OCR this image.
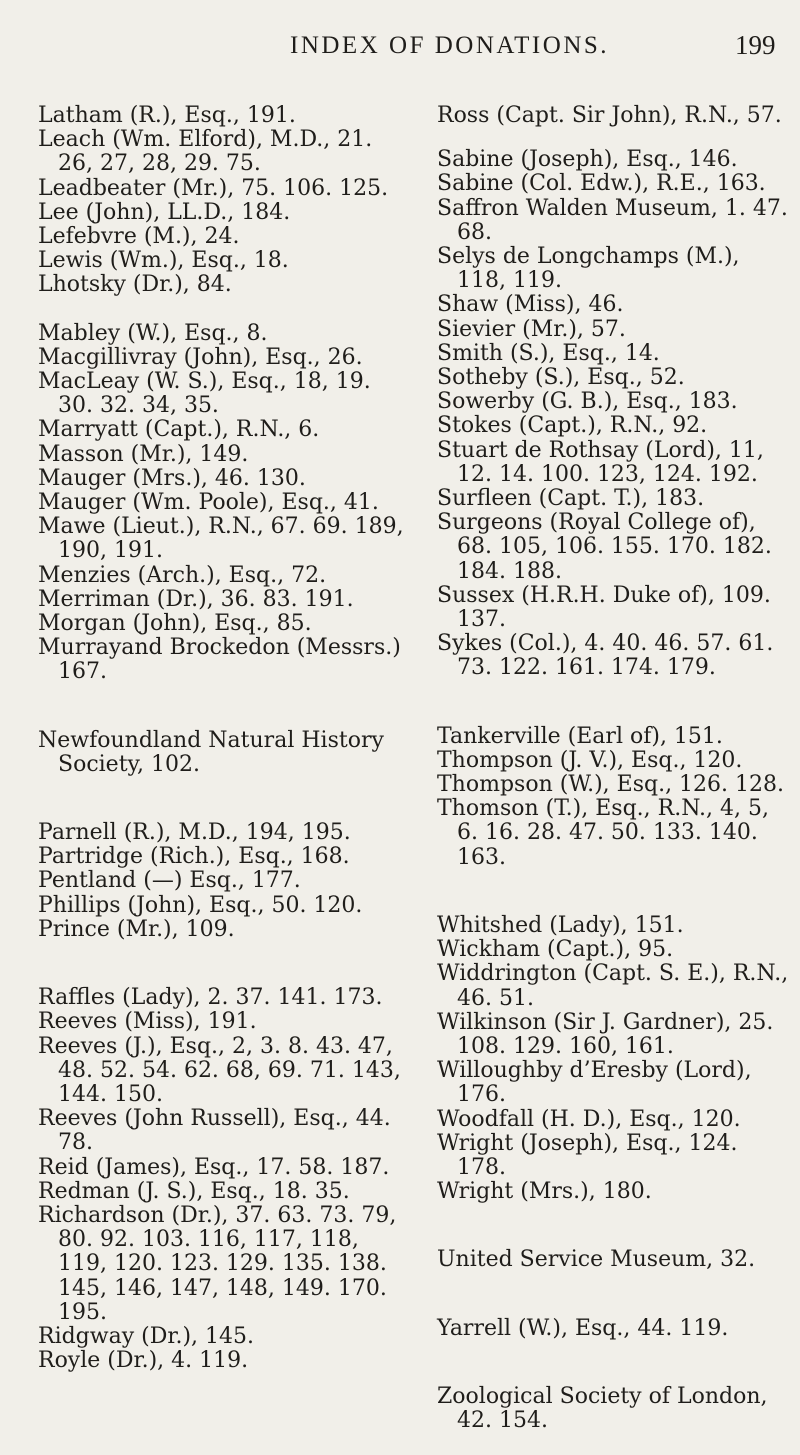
INDEX OF DONATIONS.	199

Latham (R.), Esq., 191.

Leach (Wm. Elford), M.D., 21. 26, 27, 28, 29. 75.

Leadbeater (Mr.), 75. 106. 125.

Lee (John), LL.D., 184.

Lefebvre (M.), 24.

Lewis (Wm.), Esq., 18.

Lhotsky (Dr.), 84.

Mabley (W.), Esq., 8.

Macgillivray (John), Esq., 26.

MacLeay (W. S.), Esq., 18, 19. 30. 32. 34, 35.

Marryatt (Capt.), R.N., 6.

Masson (Mr.), 149.

Mauger (Mrs.), 46. 130.

Mauger (Wm. Poole), Esq., 41.

Mawe (Lieut.), R.N., 67. 69. 189, 190, 191.

Menzies (Arch.), Esq., 72.

Merriman (Dr.), 36. 83. 191.

Morgan (John), Esq., 85.

Murrayand Brockedon (Messrs.) 167.

Newfoundland Natural History Society, 102.

Parnell (R.), M.D., 194, 195.

Partridge (Rich.), Esq., 168.

Pentland (—) Esq., 177.

Phillips (John), Esq., 50. 120.

Prince (Mr.), 109.

Raffles (Lady), 2. 37. 141. 173.

Reeves (Miss), 191.

Reeves (J.), Esq., 2, 3. 8. 43. 47, 48. 52. 54. 62. 68, 69. 71. 143, 144. 150.

Reeves (John Russell), Esq., 44. 78.

Reid (James), Esq., 17. 58. 187.

Redman (J. S.), Esq., 18. 35.

Richardson (Dr.), 37. 63. 73. 79, 80. 92. 103. 116, 117, 118, 119, 120. 123. 129. 135. 138. 145, 146, 147, 148, 149. 170. 195.

Ridgway (Dr.), 145.

Royle (Dr.), 4. 119.

Ross (Capt. Sir John), R.N., 57.

Sabine (Joseph), Esq., 146.

Sabine (Col. Edw.), R.E., 163.

Saffron Walden Museum, 1. 47. 68.

Selys de Longchamps (M.), 118, 119.

Shaw (Miss), 46.

Sievier (Mr.), 57.

Smith (S.), Esq., 14.

Sotheby (S.), Esq., 52.

Sowerby (G. B.), Esq., 183.

Stokes (Capt.), R.N., 92.

Stuart de Rothsay (Lord), 11, 12. 14. 100. 123, 124. 192.

Surfleen (Capt. T.), 183.

Surgeons (Royal College of), 68. 105, 106. 155. 170. 182. 184. 188.

Sussex (H.R.H. Duke of), 109. 137.

Sykes (Col.), 4. 40. 46. 57. 61. 73. 122. 161. 174. 179.

Tankerville (Earl of), 151.

Thompson (J. V.), Esq., 120.

Thompson (W.), Esq., 126. 128.

Thomson (T.), Esq., R.N., 4, 5, 6. 16. 28. 47. 50. 133. 140. 163.

Whitshed (Lady), 151.

Wickham (Capt.), 95.

Widdrington (Capt. S. E.), R.N., 46. 51.

Wilkinson (Sir J. Gardner), 25. 108. 129. 160, 161.

Willoughby d’Eresby (Lord), 176.

Woodfall (H. D.), Esq., 120.

Wright (Joseph), Esq., 124. 178.

Wright (Mrs.), 180.

United Service Museum, 32.

Yarrell (W.), Esq., 44. 119.

Zoological Society of London, 42. 154.
